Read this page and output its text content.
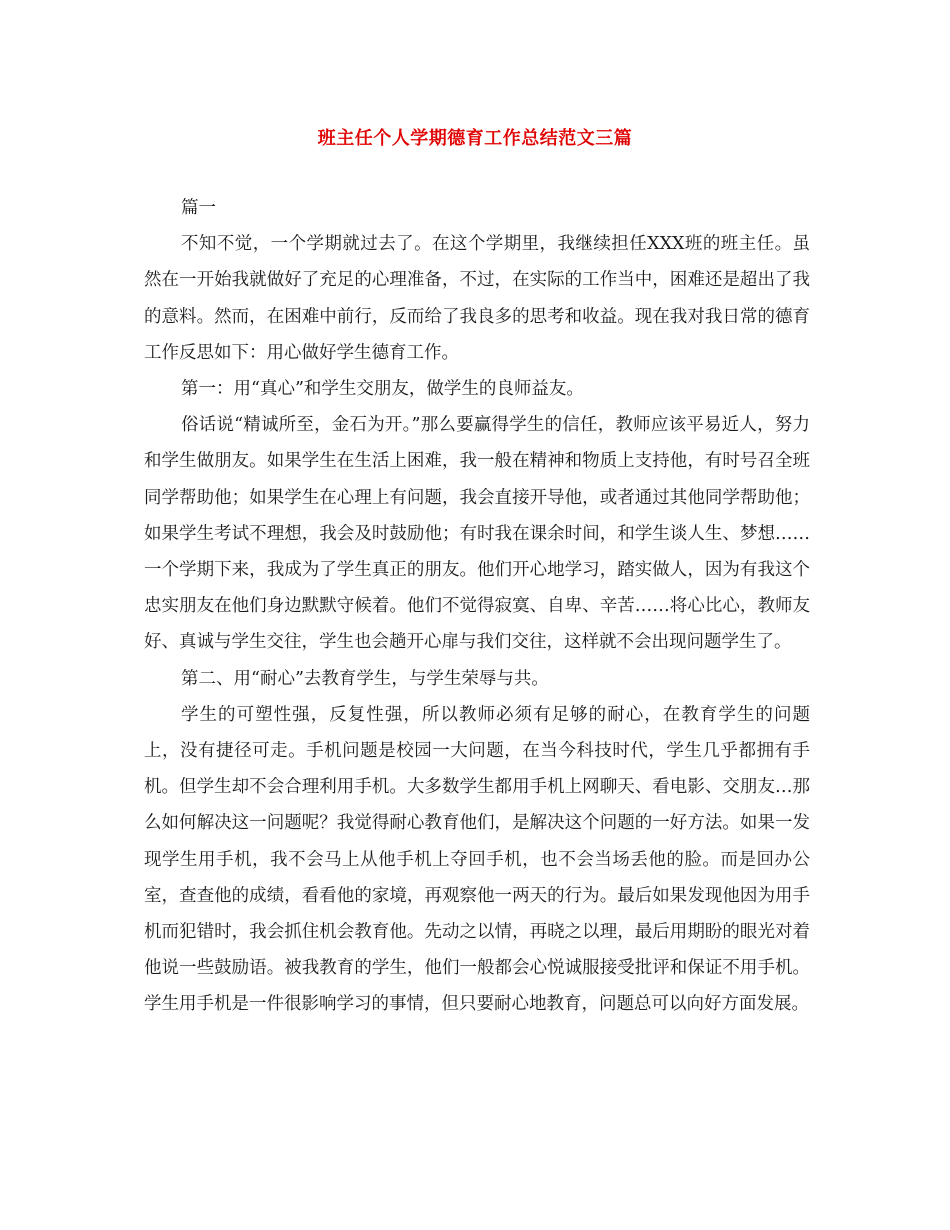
班主任个人学期德育工作总结范文三篇

篇一

不知不觉，一个学期就过去了。在这个学期里，我继续担任XXX班的班主任。虽然在一开始我就做好了充足的心理准备，不过，在实际的工作当中，困难还是超出了我的意料。然而，在困难中前行，反而给了我良多的思考和收益。现在我对我日常的德育工作反思如下：用心做好学生德育工作。

第一：用“真心”和学生交朋友，做学生的良师益友。

俗话说“精诚所至，金石为开。”那么要赢得学生的信任，教师应该平易近人，努力和学生做朋友。如果学生在生活上困难，我一般在精神和物质上支持他，有时号召全班同学帮助他；如果学生在心理上有问题，我会直接开导他，或者通过其他同学帮助他；如果学生考试不理想，我会及时鼓励他；有时我在课余时间，和学生谈人生、梦想……一个学期下来，我成为了学生真正的朋友。他们开心地学习，踏实做人，因为有我这个忠实朋友在他们身边默默守候着。他们不觉得寂寞、自卑、辛苦……将心比心，教师友好、真诚与学生交往，学生也会趟开心扉与我们交往，这样就不会出现问题学生了。

第二、用“耐心”去教育学生，与学生荣辱与共。

学生的可塑性强，反复性强，所以教师必须有足够的耐心，在教育学生的问题上，没有捷径可走。手机问题是校园一大问题，在当今科技时代，学生几乎都拥有手机。但学生却不会合理利用手机。大多数学生都用手机上网聊天、看电影、交朋友…那么如何解决这一问题呢？我觉得耐心教育他们，是解决这个问题的一好方法。如果一发现学生用手机，我不会马上从他手机上夺回手机，也不会当场丢他的脸。而是回办公室，查查他的成绩，看看他的家境，再观察他一两天的行为。最后如果发现他因为用手机而犯错时，我会抓住机会教育他。先动之以情，再晓之以理，最后用期盼的眼光对着他说一些鼓励语。被我教育的学生，他们一般都会心悦诚服接受批评和保证不用手机。学生用手机是一件很影响学习的事情，但只要耐心地教育，问题总可以向好方面发展。
